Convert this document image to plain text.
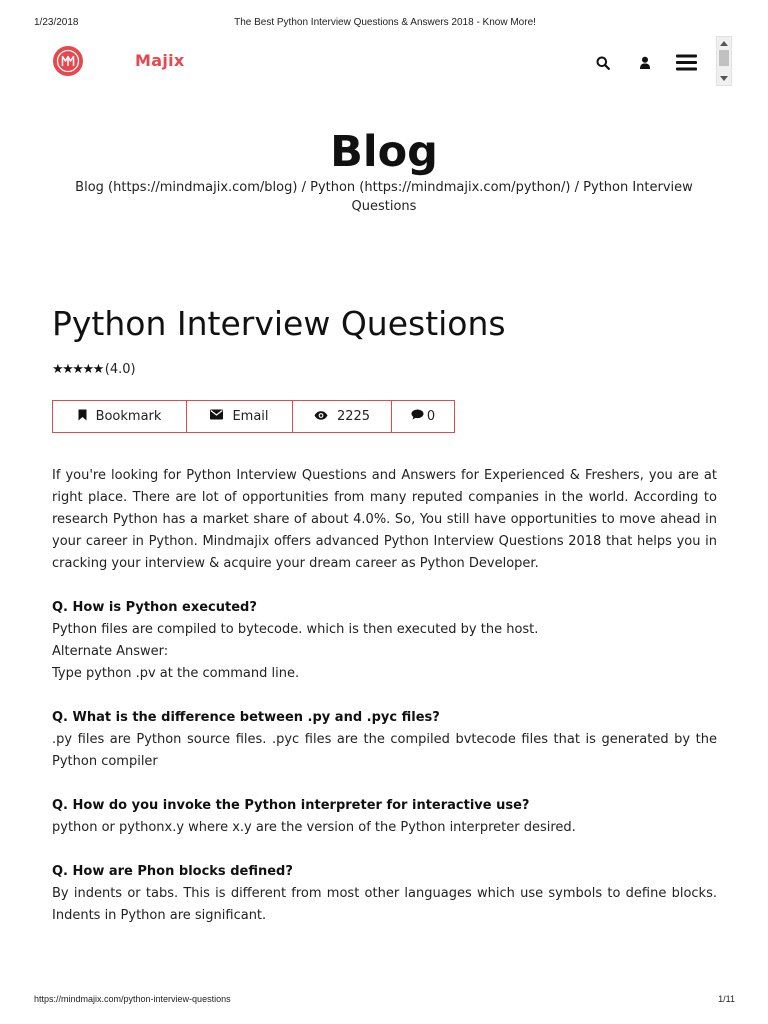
1/23/2018	The Best Python Interview Questions & Answers 2018 - Know More!
Majix
Blog
Blog (https://mindmajix.com/blog) / Python (https://mindmajix.com/python/) / Python Interview Questions
Python Interview Questions
★★★★★ (4.0)
Bookmark	Email	2225	0

If you're looking for Python Interview Questions and Answers for Experienced & Freshers, you are at right place. There are lot of opportunities from many reputed companies in the world. According to research Python has a market share of about 4.0%. So, You still have opportunities to move ahead in your career in Python. Mindmajix offers advanced Python Interview Questions 2018 that helps you in cracking your interview & acquire your dream career as Python Developer.

Q. How is Python executed?

Python files are compiled to bytecode. which is then executed by the host.

Alternate Answer:

Type python .pv at the command line.

Q. What is the difference between .py and .pyc files?

.py files are Python source files. .pyc files are the compiled bvtecode files that is generated by the Python compiler

Q. How do you invoke the Python interpreter for interactive use?

python or pythonx.y where x.y are the version of the Python interpreter desired.

Q. How are Phon blocks defined?

By indents or tabs. This is different from most other languages which use symbols to define blocks. Indents in Python are significant.

https://mindmajix.com/python-interview-questions	1/11
